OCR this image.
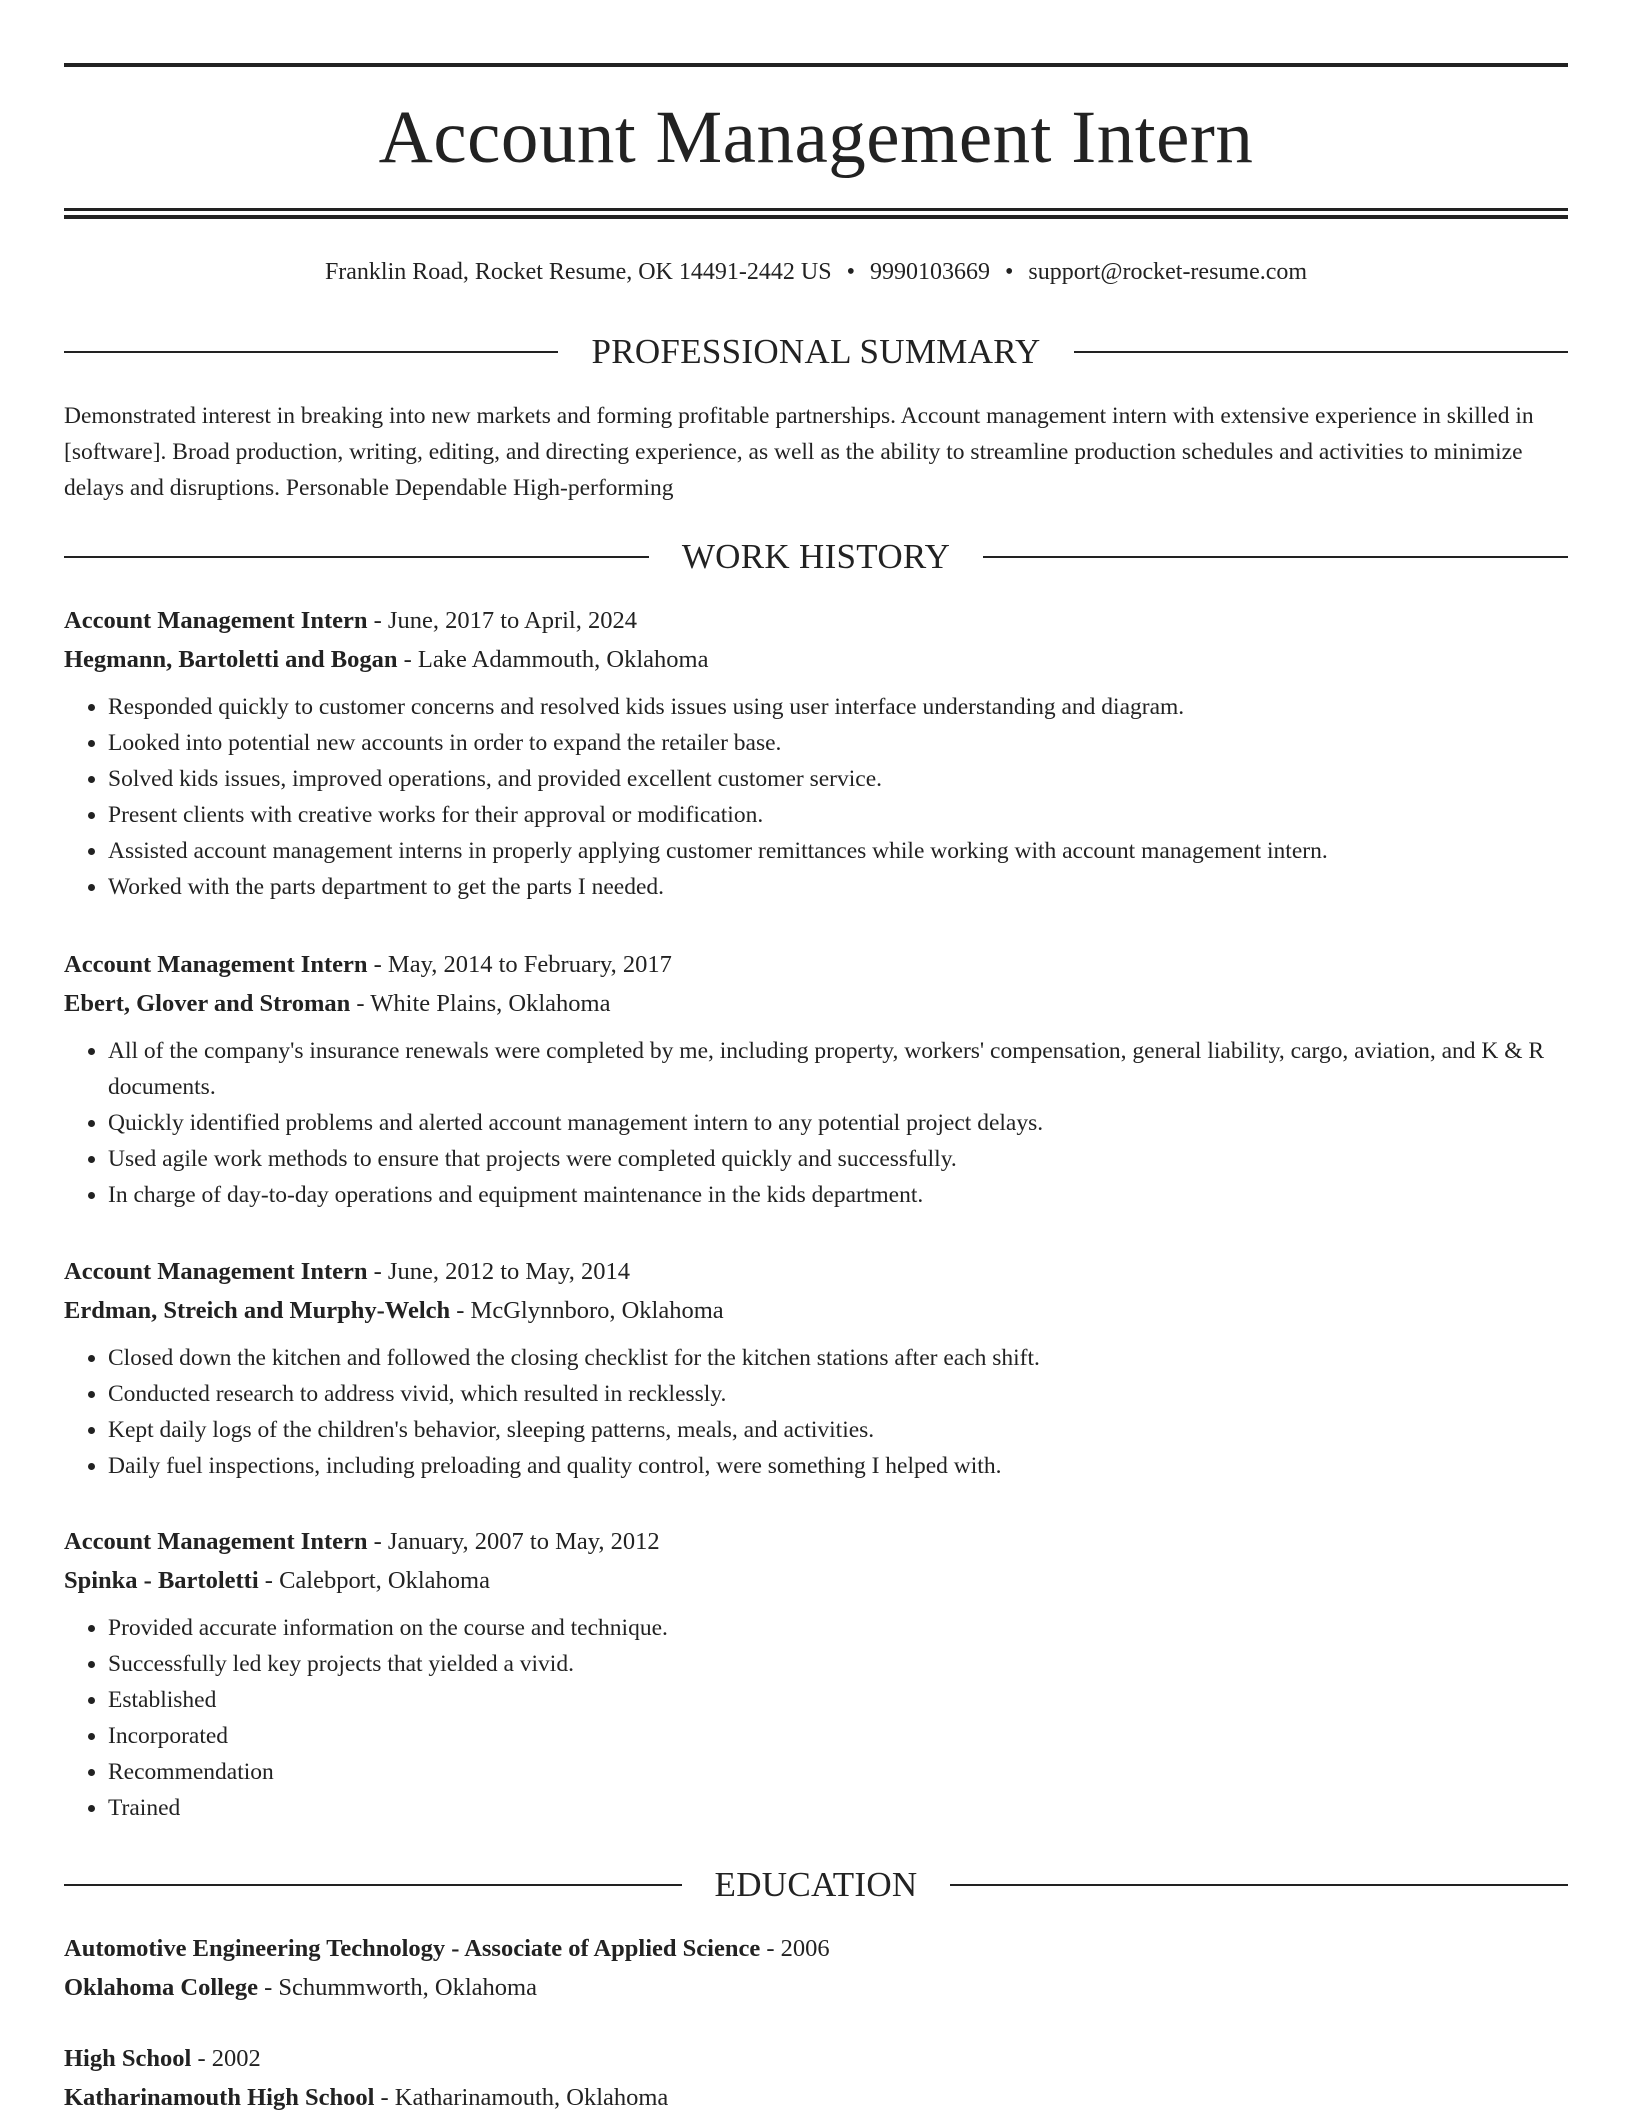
Account Management Intern
Franklin Road, Rocket Resume, OK 14491-2442 US • 9990103669 • support@rocket-resume.com
PROFESSIONAL SUMMARY
Demonstrated interest in breaking into new markets and forming profitable partnerships. Account management intern with extensive experience in skilled in [software]. Broad production, writing, editing, and directing experience, as well as the ability to streamline production schedules and activities to minimize delays and disruptions. Personable Dependable High-performing
WORK HISTORY
Account Management Intern - June, 2017 to April, 2024
Hegmann, Bartoletti and Bogan - Lake Adammouth, Oklahoma
• Responded quickly to customer concerns and resolved kids issues using user interface understanding and diagram.
• Looked into potential new accounts in order to expand the retailer base.
• Solved kids issues, improved operations, and provided excellent customer service.
• Present clients with creative works for their approval or modification.
• Assisted account management interns in properly applying customer remittances while working with account management intern.
• Worked with the parts department to get the parts I needed.
Account Management Intern - May, 2014 to February, 2017
Ebert, Glover and Stroman - White Plains, Oklahoma
• All of the company's insurance renewals were completed by me, including property, workers' compensation, general liability, cargo, aviation, and K & R documents.
• Quickly identified problems and alerted account management intern to any potential project delays.
• Used agile work methods to ensure that projects were completed quickly and successfully.
• In charge of day-to-day operations and equipment maintenance in the kids department.
Account Management Intern - June, 2012 to May, 2014
Erdman, Streich and Murphy-Welch - McGlynnboro, Oklahoma
• Closed down the kitchen and followed the closing checklist for the kitchen stations after each shift.
• Conducted research to address vivid, which resulted in recklessly.
• Kept daily logs of the children's behavior, sleeping patterns, meals, and activities.
• Daily fuel inspections, including preloading and quality control, were something I helped with.
Account Management Intern - January, 2007 to May, 2012
Spinka - Bartoletti - Calebport, Oklahoma
• Provided accurate information on the course and technique.
• Successfully led key projects that yielded a vivid.
• Established
• Incorporated
• Recommendation
• Trained
EDUCATION
Automotive Engineering Technology - Associate of Applied Science - 2006
Oklahoma College - Schummworth, Oklahoma
High School - 2002
Katharinamouth High School - Katharinamouth, Oklahoma
